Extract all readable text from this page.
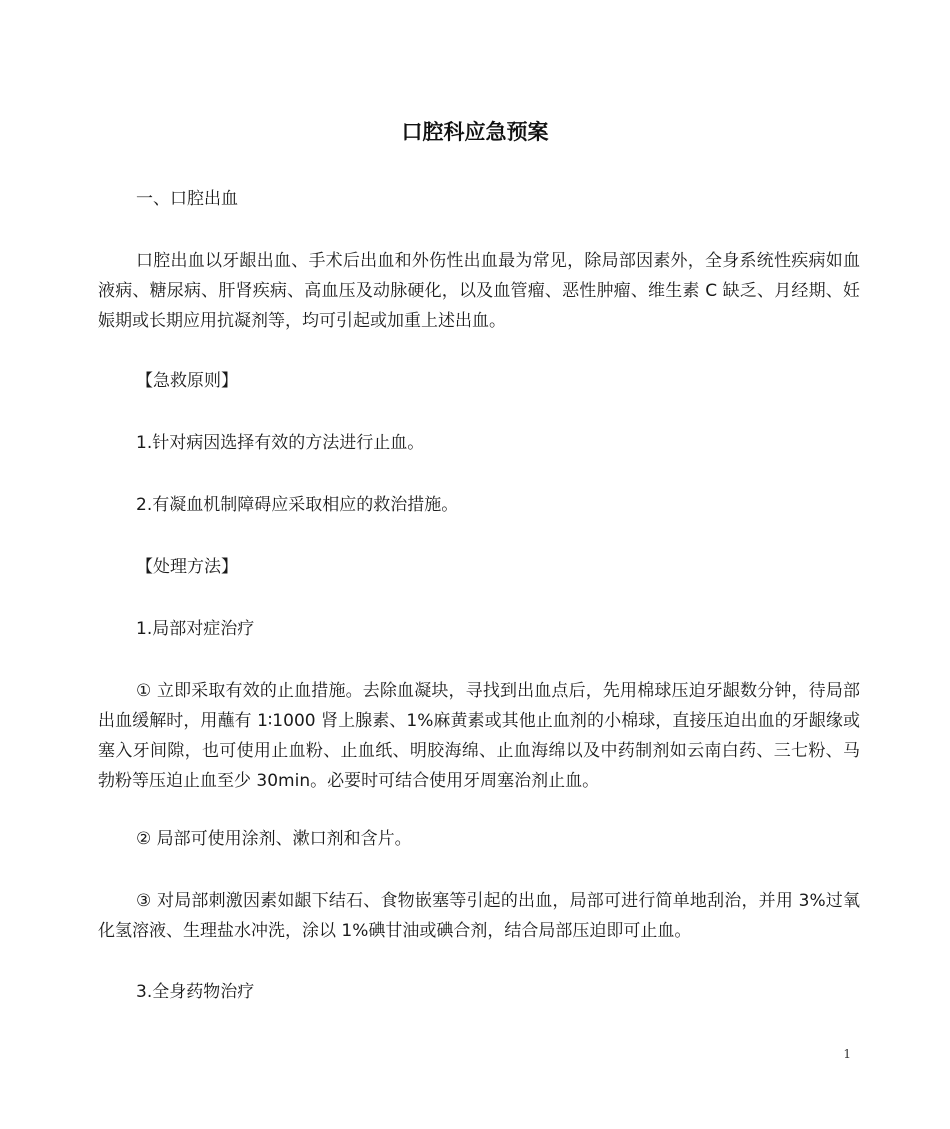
口腔科应急预案

一、口腔出血

口腔出血以牙龈出血、手术后出血和外伤性出血最为常见，除局部因素外，全身系统性疾病如血液病、糖尿病、肝肾疾病、高血压及动脉硬化，以及血管瘤、恶性肿瘤、维生素 C 缺乏、月经期、妊娠期或长期应用抗凝剂等，均可引起或加重上述出血。

【急救原则】

1.针对病因选择有效的方法进行止血。

2.有凝血机制障碍应采取相应的救治措施。

【处理方法】

1.局部对症治疗

① 立即采取有效的止血措施。去除血凝块，寻找到出血点后，先用棉球压迫牙龈数分钟，待局部出血缓解时，用蘸有 1∶1000 肾上腺素、1%麻黄素或其他止血剂的小棉球，直接压迫出血的牙龈缘或塞入牙间隙，也可使用止血粉、止血纸、明胶海绵、止血海绵以及中药制剂如云南白药、三七粉、马勃粉等压迫止血至少 30min。必要时可结合使用牙周塞治剂止血。

② 局部可使用涂剂、漱口剂和含片。

③ 对局部刺激因素如龈下结石、食物嵌塞等引起的出血，局部可进行简单地刮治，并用 3%过氧化氢溶液、生理盐水冲洗，涂以 1%碘甘油或碘合剂，结合局部压迫即可止血。

3.全身药物治疗

1
